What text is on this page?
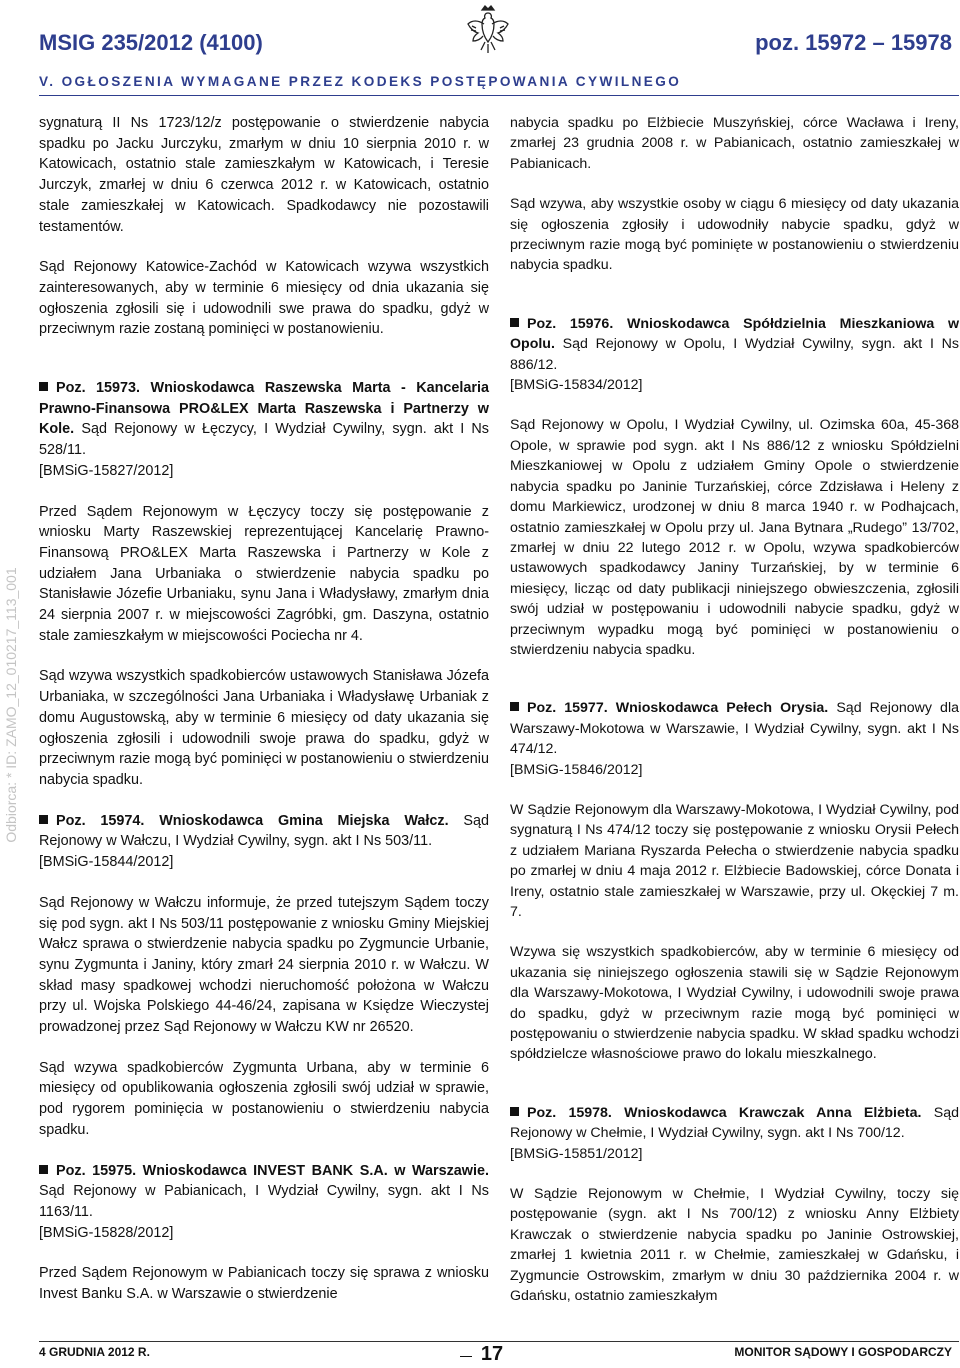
MSIG 235/2012 (4100)	poz. 15972 – 15978
V. OGŁOSZENIA WYMAGANE PRZEZ KODEKS POSTĘPOWANIA CYWILNEGO
Odbiorca: * ID: ZAMO_12_010217_113_001

sygnaturą II Ns 1723/12/z postępowanie o stwierdzenie nabycia spadku po Jacku Jurczyku, zmarłym w dniu 10 sierpnia 2010 r. w Katowicach, ostatnio stale zamieszkałym w Katowicach, i Teresie Jurczyk, zmarłej w dniu 6 czerwca 2012 r. w Katowicach, ostatnio stale zamieszkałej w Katowicach. Spadkodawcy nie pozostawili testamentów.

Sąd Rejonowy Katowice-Zachód w Katowicach wzywa wszystkich zainteresowanych, aby w terminie 6 miesięcy od dnia ukazania się ogłoszenia zgłosili się i udowodnili swe prawa do spadku, gdyż w przeciwnym razie zostaną pominięci w postanowieniu.

Poz. 15973. Wnioskodawca Raszewska Marta - Kancelaria Prawno-Finansowa PRO&LEX Marta Raszewska i Partnerzy w Kole. Sąd Rejonowy w Łęczycy, I Wydział Cywilny, sygn. akt I Ns 528/11.

[BMSiG-15827/2012]

Przed Sądem Rejonowym w Łęczycy toczy się postępowanie z wniosku Marty Raszewskiej reprezentującej Kancelarię Prawno-Finansową PRO&LEX Marta Raszewska i Partnerzy w Kole z udziałem Jana Urbaniaka o stwierdzenie nabycia spadku po Stanisławie Józefie Urbaniaku, synu Jana i Władysławy, zmarłym dnia 24 sierpnia 2007 r. w miejscowości Zagróbki, gm. Daszyna, ostatnio stale zamieszkałym w miejscowości Pociecha nr 4.

Sąd wzywa wszystkich spadkobierców ustawowych Stanisława Józefa Urbaniaka, w szczególności Jana Urbaniaka i Władysławę Urbaniak z domu Augustowską, aby w terminie 6 miesięcy od daty ukazania się ogłoszenia zgłosili i udowodnili swoje prawa do spadku, gdyż w przeciwnym razie mogą być pominięci w postanowieniu o stwierdzeniu nabycia spadku.

Poz. 15974. Wnioskodawca Gmina Miejska Wałcz. Sąd Rejonowy w Wałczu, I Wydział Cywilny, sygn. akt I Ns 503/11.

[BMSiG-15844/2012]

Sąd Rejonowy w Wałczu informuje, że przed tutejszym Sądem toczy się pod sygn. akt I Ns 503/11 postępowanie z wniosku Gminy Miejskiej Wałcz sprawa o stwierdzenie nabycia spadku po Zygmuncie Urbanie, synu Zygmunta i Janiny, który zmarł 24 sierpnia 2010 r. w Wałczu. W skład masy spadkowej wchodzi nieruchomość położona w Wałczu przy ul. Wojska Polskiego 44-46/24, zapisana w Księdze Wieczystej prowadzonej przez Sąd Rejonowy w Wałczu KW nr 26520.

Sąd wzywa spadkobierców Zygmunta Urbana, aby w terminie 6 miesięcy od opublikowania ogłoszenia zgłosili swój udział w sprawie, pod rygorem pominięcia w postanowieniu o stwierdzeniu nabycia spadku.

Poz. 15975. Wnioskodawca INVEST BANK S.A. w Warszawie. Sąd Rejonowy w Pabianicach, I Wydział Cywilny, sygn. akt I Ns 1163/11.

[BMSiG-15828/2012]

Przed Sądem Rejonowym w Pabianicach toczy się sprawa z wniosku Invest Banku S.A. w Warszawie o stwierdzenie

nabycia spadku po Elżbiecie Muszyńskiej, córce Wacława i Ireny, zmarłej 23 grudnia 2008 r. w Pabianicach, ostatnio zamieszkałej w Pabianicach.

Sąd wzywa, aby wszystkie osoby w ciągu 6 miesięcy od daty ukazania się ogłoszenia zgłosiły i udowodniły nabycie spadku, gdyż w przeciwnym razie mogą być pominięte w postanowieniu o stwierdzeniu nabycia spadku.

Poz. 15976. Wnioskodawca Spółdzielnia Mieszkaniowa w Opolu. Sąd Rejonowy w Opolu, I Wydział Cywilny, sygn. akt I Ns 886/12.

[BMSiG-15834/2012]

Sąd Rejonowy w Opolu, I Wydział Cywilny, ul. Ozimska 60a, 45-368 Opole, w sprawie pod sygn. akt I Ns 886/12 z wniosku Spółdzielni Mieszkaniowej w Opolu z udziałem Gminy Opole o stwierdzenie nabycia spadku po Janinie Turzańskiej, córce Zdzisława i Heleny z domu Markiewicz, urodzonej w dniu 8 marca 1940 r. w Podhajcach, ostatnio zamieszkałej w Opolu przy ul. Jana Bytnara „Rudego” 13/702, zmarłej w dniu 22 lutego 2012 r. w Opolu, wzywa spadkobierców ustawowych spadkodawcy Janiny Turzańskiej, by w terminie 6 miesięcy, licząc od daty publikacji niniejszego obwieszczenia, zgłosili swój udział w postępowaniu i udowodnili nabycie spadku, gdyż w przeciwnym wypadku mogą być pominięci w postanowieniu o stwierdzeniu nabycia spadku.

Poz. 15977. Wnioskodawca Pełech Orysia. Sąd Rejonowy dla Warszawy-Mokotowa w Warszawie, I Wydział Cywilny, sygn. akt I Ns 474/12.

[BMSiG-15846/2012]

W Sądzie Rejonowym dla Warszawy-Mokotowa, I Wydział Cywilny, pod sygnaturą I Ns 474/12 toczy się postępowanie z wniosku Orysii Pełech z udziałem Mariana Ryszarda Pełecha o stwierdzenie nabycia spadku po zmarłej w dniu 4 maja 2012 r. Elżbiecie Badowskiej, córce Donata i Ireny, ostatnio stale zamieszkałej w Warszawie, przy ul. Okęckiej 7 m. 7.

Wzywa się wszystkich spadkobierców, aby w terminie 6 miesięcy od ukazania się niniejszego ogłoszenia stawili się w Sądzie Rejonowym dla Warszawy-Mokotowa, I Wydział Cywilny, i udowodnili swoje prawa do spadku, gdyż w przeciwnym razie mogą być pominięci w postępowaniu o stwierdzenie nabycia spadku. W skład spadku wchodzi spółdzielcze własnościowe prawo do lokalu mieszkalnego.

Poz. 15978. Wnioskodawca Krawczak Anna Elżbieta. Sąd Rejonowy w Chełmie, I Wydział Cywilny, sygn. akt I Ns 700/12.

[BMSiG-15851/2012]

W Sądzie Rejonowym w Chełmie, I Wydział Cywilny, toczy się postępowanie (sygn. akt I Ns 700/12) z wniosku Anny Elżbiety Krawczak o stwierdzenie nabycia spadku po Janinie Ostrowskiej, zmarłej 1 kwietnia 2011 r. w Chełmie, zamieszkałej w Gdańsku, i Zygmuncie Ostrowskim, zmarłym w dniu 30 października 2004 r. w Gdańsku, ostatnio zamieszkałym

4 GRUDNIA 2012 R.	17	MONITOR SĄDOWY I GOSPODARCZY
